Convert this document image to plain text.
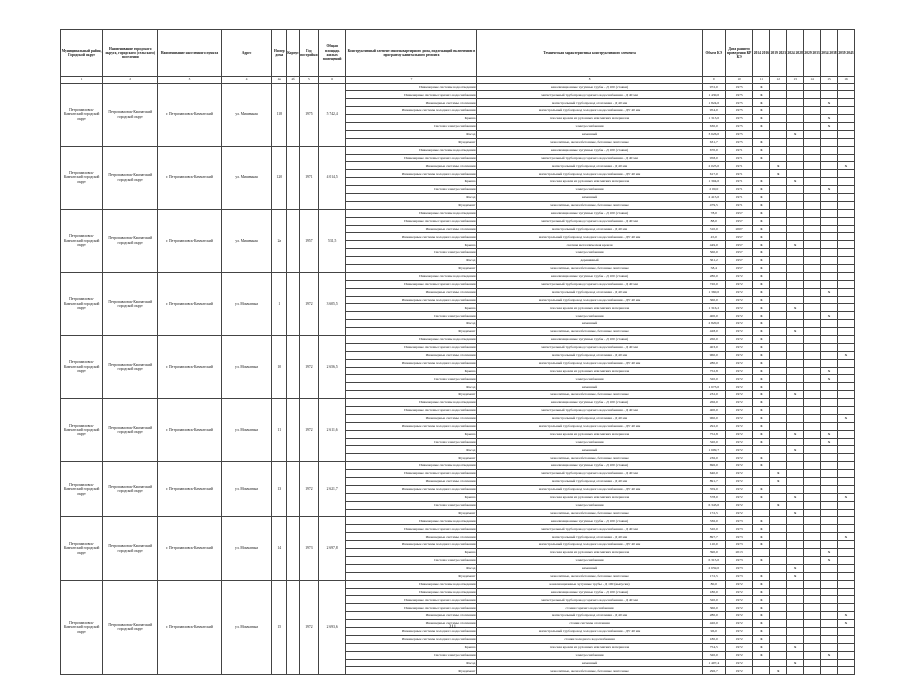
Муниципальный район, Городской округ	Наименование городского округа, городского (сельского) поселения	Наименование населенного пункта	Адрес	Номер дома	Корпус	Год постройки	Общая площадь жилых помещений	Конструктивный элемент многоквартирного дома, подлежащий включению в программу капитального ремонта	Техническая характеристика конструктивного элемента	Объем КЭ	Дата раннего проведения КР КЭ	2014 2016	2019 2023	2024 2028	2029 2033	2034 2038	2039 2043
1	2	3	4	4а	4б	5	6	7	8	9	10	11	12	13	14	15	16
Петропавловск-Камчатский городской округ	Петропавловск-Камчатский городской округ	г. Петропавловск-Камчатский	ул. Мишенная	118		1975	5 742,4	Инженерные системы водоотведения	канализационные чугунные трубы - Д 100 (стояки)	972,0	1975	X					
								Инженерные системы горячего водоснабжения	магистральный трубопровод горячего водоснабжения - Д 40 мм	1 430,0	1975	X					
								Инженерные системы отопления	магистральный трубопровод отопления - Д 40 мм	1 824,0	1975	X				X	
								Инженерные системы холодного водоснабжения	магистральный трубопровод холодного водоснабжения - ДУ 40 мм	954,0	1975	X					
								Крыша	плоская кровля из рулонных или мягких материалов	1 313,0	1975	X				X	
								Система электроснабжения	электроснабжения	630,0	1975	X				X	
								Фасад	каменный	3 626,0	1975			X			
								Фундамент	монолитные, железобетонные, бетонные ленточные	631,7	1975	X					
Петропавловск-Камчатский городской округ	Петропавловск-Камчатский городской округ	г. Петропавловск-Камчатский	ул. Мишенная	120		1971	4 014,5	Инженерные системы водоотведения	канализационные чугунные трубы - Д 100 (стояки)	670,0	1971	X					
								Инженерные системы горячего водоснабжения	магистральный трубопровод горячего водоснабжения - Д 40 мм	958,0	1971	X					
								Инженерные системы отопления	магистральный трубопровод отопления - Д 40 мм	2 025,0	1971		X				X
								Инженерные системы холодного водоснабжения	магистральный трубопровод холодного водоснабжения - ДУ 40 мм	617,0	1971		X				
								Крыша	плоская кровля из рулонных или мягких материалов	1 304,0	1971	X		X			
								Система электроснабжения	электроснабжения	2 00,0	1971	X				X	
								Фасад	каменный	2 415,0	1971	X					
								Фундамент	монолитные, железобетонные, бетонные ленточные	479,5	1971	X					
Петропавловск-Камчатский городской округ	Петропавловск-Камчатский городской округ	г. Петропавловск-Камчатский	ул. Мишенная	2а		1957	531,5	Инженерные системы водоотведения	канализационные чугунные трубы - Д 100 (стояки)	78,0	1957	X					
								Инженерные системы горячего водоснабжения	магистральный трубопровод горячего водоснабжения - Д 40 мм	88,0	1957	X					
								Инженерные системы отопления	магистральный трубопровод отопления - Д 40 мм	310,0	2007	X					
								Инженерные системы холодного водоснабжения	магистральный трубопровод холодного водоснабжения - ДУ 40 мм	45,0	1957	X					
								Крыша	скатная металлическая кровля	449,0	1957	X		X			
								Система электроснабжения	электроснабжения	560,0	1957	X					
								Фасад	деревянный	361,2	1957	X					
								Фундамент	монолитные, железобетонные, бетонные ленточные	58,4	1957	X					
Петропавловск-Камчатский городской округ	Петропавловск-Камчатский городской округ	г. Петропавловск-Камчатский	ул. Мончагина	1		1972	3 605,5	Инженерные системы водоотведения	канализационные чугунные трубы - Д 100 (стояки)	280,0	1972	X					
								Инженерные системы горячего водоснабжения	магистральный трубопровод горячего водоснабжения - Д 40 мм	720,0	1972	X					
								Инженерные системы отопления	магистральный трубопровод отопления - Д 40 мм	1 360,0	1972	X				X	
								Инженерные системы холодного водоснабжения	магистральный трубопровод холодного водоснабжения - ДУ 40 мм	360,0	1972	X					
								Крыша	плоская кровля из рулонных или мягких материалов	1 316,2	1972	X		X			
								Система электроснабжения	электроснабжения	400,0	1972	X				X	
								Фасад	каменный	2 820,0	1972	X					
								Фундамент	монолитные, железобетонные, бетонные ленточные	428,0	1972	X		X			
Петропавловск-Камчатский городской округ	Петропавловск-Камчатский городской округ	г. Петропавловск-Камчатский	ул. Мончагина	10		1972	2 656,5	Инженерные системы водоотведения	канализационные чугунные трубы - Д 100 (стояки)	260,0	1972	X					
								Инженерные системы горячего водоснабжения	магистральный трубопровод горячего водоснабжения - Д 40 мм	403,0	1972	X					
								Инженерные системы отопления	магистральный трубопровод отопления - Д 40 мм	960,0	1972	X					X
								Инженерные системы холодного водоснабжения	магистральный трубопровод холодного водоснабжения - ДУ 40 мм	280,0	1972	X					
								Крыша	плоская кровля из рулонных или мягких материалов	752,8	1972	X				X	
								Система электроснабжения	электроснабжения	320,0	1972	X				X	
								Фасад	каменный	1 673,0	1972	X					
								Фундамент	монолитные, железобетонные, бетонные ленточные	232,0	1972	X		X			
Петропавловск-Камчатский городской округ	Петропавловск-Камчатский городской округ	г. Петропавловск-Камчатский	ул. Мончагина	11		1972	2 611,6	Инженерные системы водоотведения	канализационные чугунные трубы - Д 100 (стояки)	266,0	1972	X					
								Инженерные системы горячего водоснабжения	магистральный трубопровод горячего водоснабжения - Д 40 мм	400,0	1972	X					
								Инженерные системы отопления	магистральный трубопровод отопления - Д 40 мм	960,0	1972	X					X
								Инженерные системы холодного водоснабжения	магистральный трубопровод холодного водоснабжения - ДУ 40 мм	292,0	1972	X					
								Крыша	плоская кровля из рулонных или мягких материалов	752,8	1972	X		X		X	
								Система электроснабжения	электроснабжения	320,0	1972	X				X	
								Фасад	каменный	1 609,7	1972			X			
								Фундамент	монолитные, железобетонные, бетонные ленточные	236,0	1972	X					
Петропавловск-Камчатский городской округ	Петропавловск-Камчатский городской округ	г. Петропавловск-Камчатский	ул. Мончагина	13		1972	2 621,7	Инженерные системы водоотведения	канализационные чугунные трубы - Д 100 (стояки)	696,0	1972	X					
								Инженерные системы горячего водоснабжения	магистральный трубопровод горячего водоснабжения - Д 40 мм	640,0	1972		X				
								Инженерные системы отопления	магистральный трубопровод отопления - Д 40 мм	891,7	1972		X				
								Инженерные системы холодного водоснабжения	магистральный трубопровод холодного водоснабжения - ДУ 40 мм	359,0	1972	X					
								Крыша	плоская кровля из рулонных или мягких материалов	578,0	1972	X		X			X
								Система электроснабжения	электроснабжения	6 343,0	1972		X				
								Фундамент	монолитные, железобетонные, бетонные ленточные	172,5	1972			X			
Петропавловск-Камчатский городской округ	Петропавловск-Камчатский городской округ	г. Петропавловск-Камчатский	ул. Мончагина	14		1973	2 697,8	Инженерные системы водоотведения	канализационные чугунные трубы - Д 100 (стояки)	336,0	1973	X					
								Инженерные системы горячего водоснабжения	магистральный трубопровод горячего водоснабжения - Д 40 мм	520,0	1973	X					
								Инженерные системы отопления	магистральный трубопровод отопления - Д 40 мм	897,7	1973	X					X
								Инженерные системы холодного водоснабжения	магистральный трубопровод холодного водоснабжения - ДУ 40 мм	110,0	1973	X					
								Крыша	плоская кровля из рулонных или мягких материалов	390,0	2013					X	
								Система электроснабжения	электроснабжения	6 315,0	1973	X				X	
								Фасад	каменный	2 659,0	1973			X			
								Фундамент	монолитные, железобетонные, бетонные ленточные	172,5	1973	X		X			
Петропавловск-Камчатский городской округ	Петропавловск-Камчатский городской округ	г. Петропавловск-Камчатский	ул. Мончагина	15		1972	2 693,6	Инженерные системы водоотведения	канализационные чугунные трубы - Д 100 (выпуски)	80,0	1972	X					
								Инженерные системы водоотведения	канализационные чугунные трубы - Д 100 (стояки)	180,0	1972	X					
								Инженерные системы горячего водоснабжения	магистральный трубопровод горячего водоснабжения - Д 40 мм	320,0	1972	X					
								Инженерные системы горячего водоснабжения	стояки горячего водоснабжения	360,0	1972	X					
								Инженерные системы отопления	магистральный трубопровод отопления - Д 40 мм	280,0	1972	X					X
								Инженерные системы отопления	стояки системы отопления	420,0	1972	X					X
								Инженерные системы холодного водоснабжения	магистральный трубопровод холодного водоснабжения - ДУ 40 мм	96,0	1972	X					
								Инженерные системы холодного водоснабжения	стояки холодного водоснабжения	180,0	1972	X					
								Крыша	плоская кровля из рулонных или мягких материалов	754,5	1972	X		X			
								Система электроснабжения	электроснабжения	320,0	1972	X				X	
								Фасад	каменный	1 407,4	1972			X			
								Фундамент	монолитные, железобетонные, бетонные ленточные	296,7	1972		X				
211
